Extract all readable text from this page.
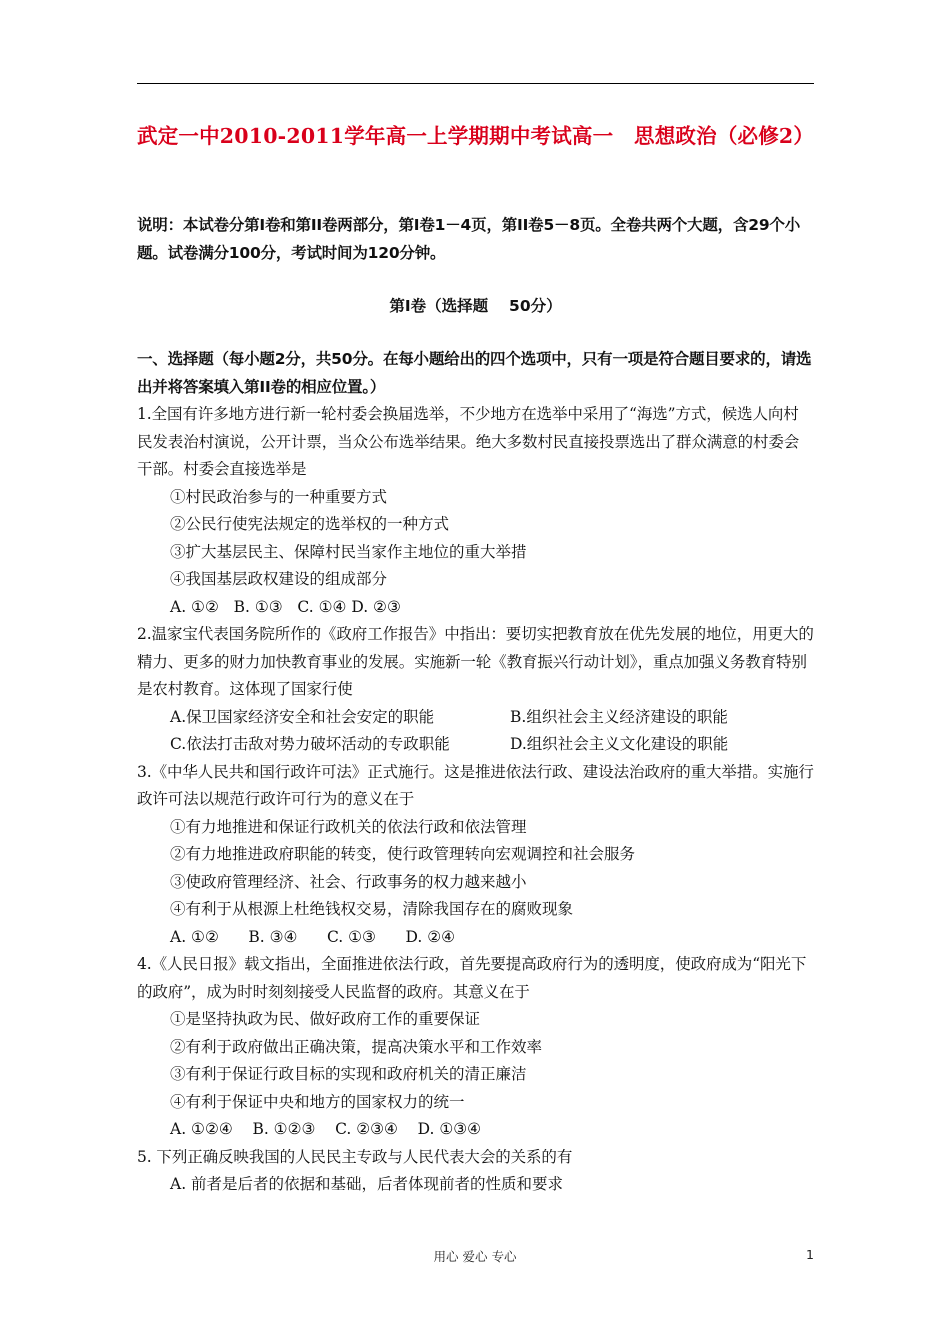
武定一中2010-2011学年高一上学期期中考试高一　思想政治（必修2）
说明：本试卷分第Ⅰ卷和第II卷两部分，第Ⅰ卷1－4页，第II卷5－8页。全卷共两个大题，含29个小题。试卷满分100分，考试时间为120分钟。
第Ⅰ卷（选择题　 50分）
一、选择题（每小题2分，共50分。在每小题给出的四个选项中，只有一项是符合题目要求的，请选出并将答案填入第II卷的相应位置。）
1.全国有许多地方进行新一轮村委会换届选举，不少地方在选举中采用了“海选”方式，候选人向村民发表治村演说，公开计票，当众公布选举结果。绝大多数村民直接投票选出了群众满意的村委会干部。村委会直接选举是
①村民政治参与的一种重要方式
②公民行使宪法规定的选举权的一种方式
③扩大基层民主、保障村民当家作主地位的重大举措
④我国基层政权建设的组成部分
A. ①②   B. ①③   C. ①④ D. ②③
2.温家宝代表国务院所作的《政府工作报告》中指出：要切实把教育放在优先发展的地位，用更大的精力、更多的财力加快教育事业的发展。实施新一轮《教育振兴行动计划》，重点加强义务教育特别是农村教育。这体现了国家行使
A.保卫国家经济安全和社会安定的职能	B.组织社会主义经济建设的职能
C.依法打击敌对势力破坏活动的专政职能	D.组织社会主义文化建设的职能
3.《中华人民共和国行政许可法》正式施行。这是推进依法行政、建设法治政府的重大举措。实施行政许可法以规范行政许可行为的意义在于
①有力地推进和保证行政机关的依法行政和依法管理
②有力地推进政府职能的转变，使行政管理转向宏观调控和社会服务
③使政府管理经济、社会、行政事务的权力越来越小
④有利于从根源上杜绝钱权交易，清除我国存在的腐败现象
A. ①②      B. ③④      C. ①③      D. ②④
4.《人民日报》载文指出，全面推进依法行政，首先要提高政府行为的透明度，使政府成为“阳光下的政府”，成为时时刻刻接受人民监督的政府。其意义在于
①是坚持执政为民、做好政府工作的重要保证
②有利于政府做出正确决策，提高决策水平和工作效率
③有利于保证行政目标的实现和政府机关的清正廉洁
④有利于保证中央和地方的国家权力的统一
A. ①②④    B. ①②③    C. ②③④    D. ①③④
5. 下列正确反映我国的人民民主专政与人民代表大会的关系的有
A. 前者是后者的依据和基础，后者体现前者的性质和要求
用心 爱心 专心	1
